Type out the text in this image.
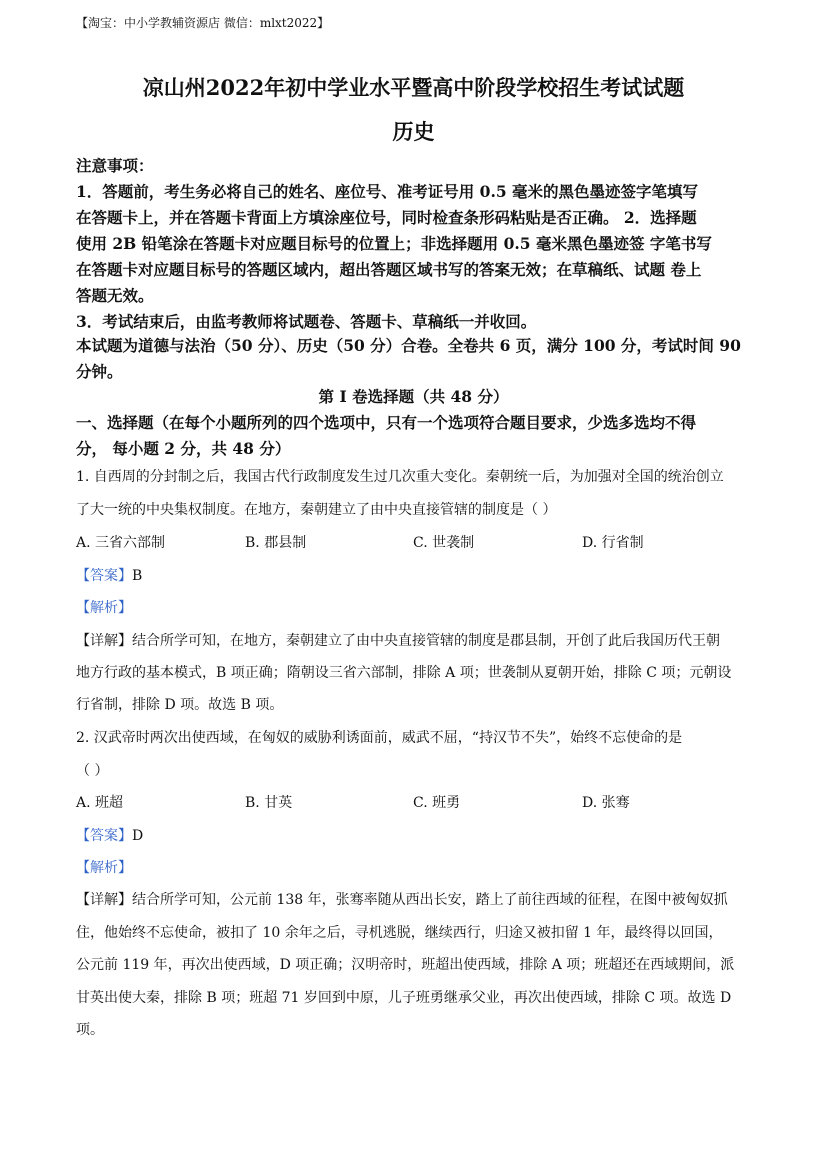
【淘宝：中小学教辅资源店 微信：mlxt2022】
凉山州2022年初中学业水平暨高中阶段学校招生考试试题
历史
注意事项：
1．答题前，考生务必将自己的姓名、座位号、准考证号用 0.5 毫米的黑色墨迹签字笔填写
在答题卡上，并在答题卡背面上方填涂座位号，同时检查条形码粘贴是否正确。 2．选择题
使用 2B 铅笔涂在答题卡对应题目标号的位置上；非选择题用 0.5 毫米黑色墨迹签 字笔书写
在答题卡对应题目标号的答题区域内，超出答题区域书写的答案无效；在草稿纸、试题 卷上
答题无效。
3．考试结束后，由监考教师将试题卷、答题卡、草稿纸一并收回。
本试题为道德与法治（50 分）、历史（50 分）合卷。全卷共 6 页，满分 100 分，考试时间 90
分钟。
第 I 卷选择题（共 48 分）
一、选择题（在每个小题所列的四个选项中，只有一个选项符合题目要求，少选多选均不得
分， 每小题 2 分，共 48 分）
1. 自西周的分封制之后，我国古代行政制度发生过几次重大变化。秦朝统一后，为加强对全国的统治创立
了大一统的中央集权制度。在地方，秦朝建立了由中央直接管辖的制度是（ ）
A. 三省六部制	B. 郡县制	C. 世袭制	D. 行省制
【答案】B
【解析】
【详解】结合所学可知，在地方，秦朝建立了由中央直接管辖的制度是郡县制，开创了此后我国历代王朝
地方行政的基本模式，B 项正确；隋朝设三省六部制，排除 A 项；世袭制从夏朝开始，排除 C 项；元朝设
行省制，排除 D 项。故选 B 项。
2. 汉武帝时两次出使西域，在匈奴的威胁利诱面前，威武不屈，“持汉节不失”，始终不忘使命的是
（ ）
A. 班超	B. 甘英	C. 班勇	D. 张骞
【答案】D
【解析】
【详解】结合所学可知，公元前 138 年，张骞率随从西出长安，踏上了前往西域的征程，在图中被匈奴抓
住，他始终不忘使命，被扣了 10 余年之后，寻机逃脱，继续西行，归途又被扣留 1 年，最终得以回国，
公元前 119 年，再次出使西域，D 项正确；汉明帝时，班超出使西域，排除 A 项；班超还在西域期间，派
甘英出使大秦，排除 B 项；班超 71 岁回到中原，儿子班勇继承父业，再次出使西域，排除 C 项。故选 D
项。
